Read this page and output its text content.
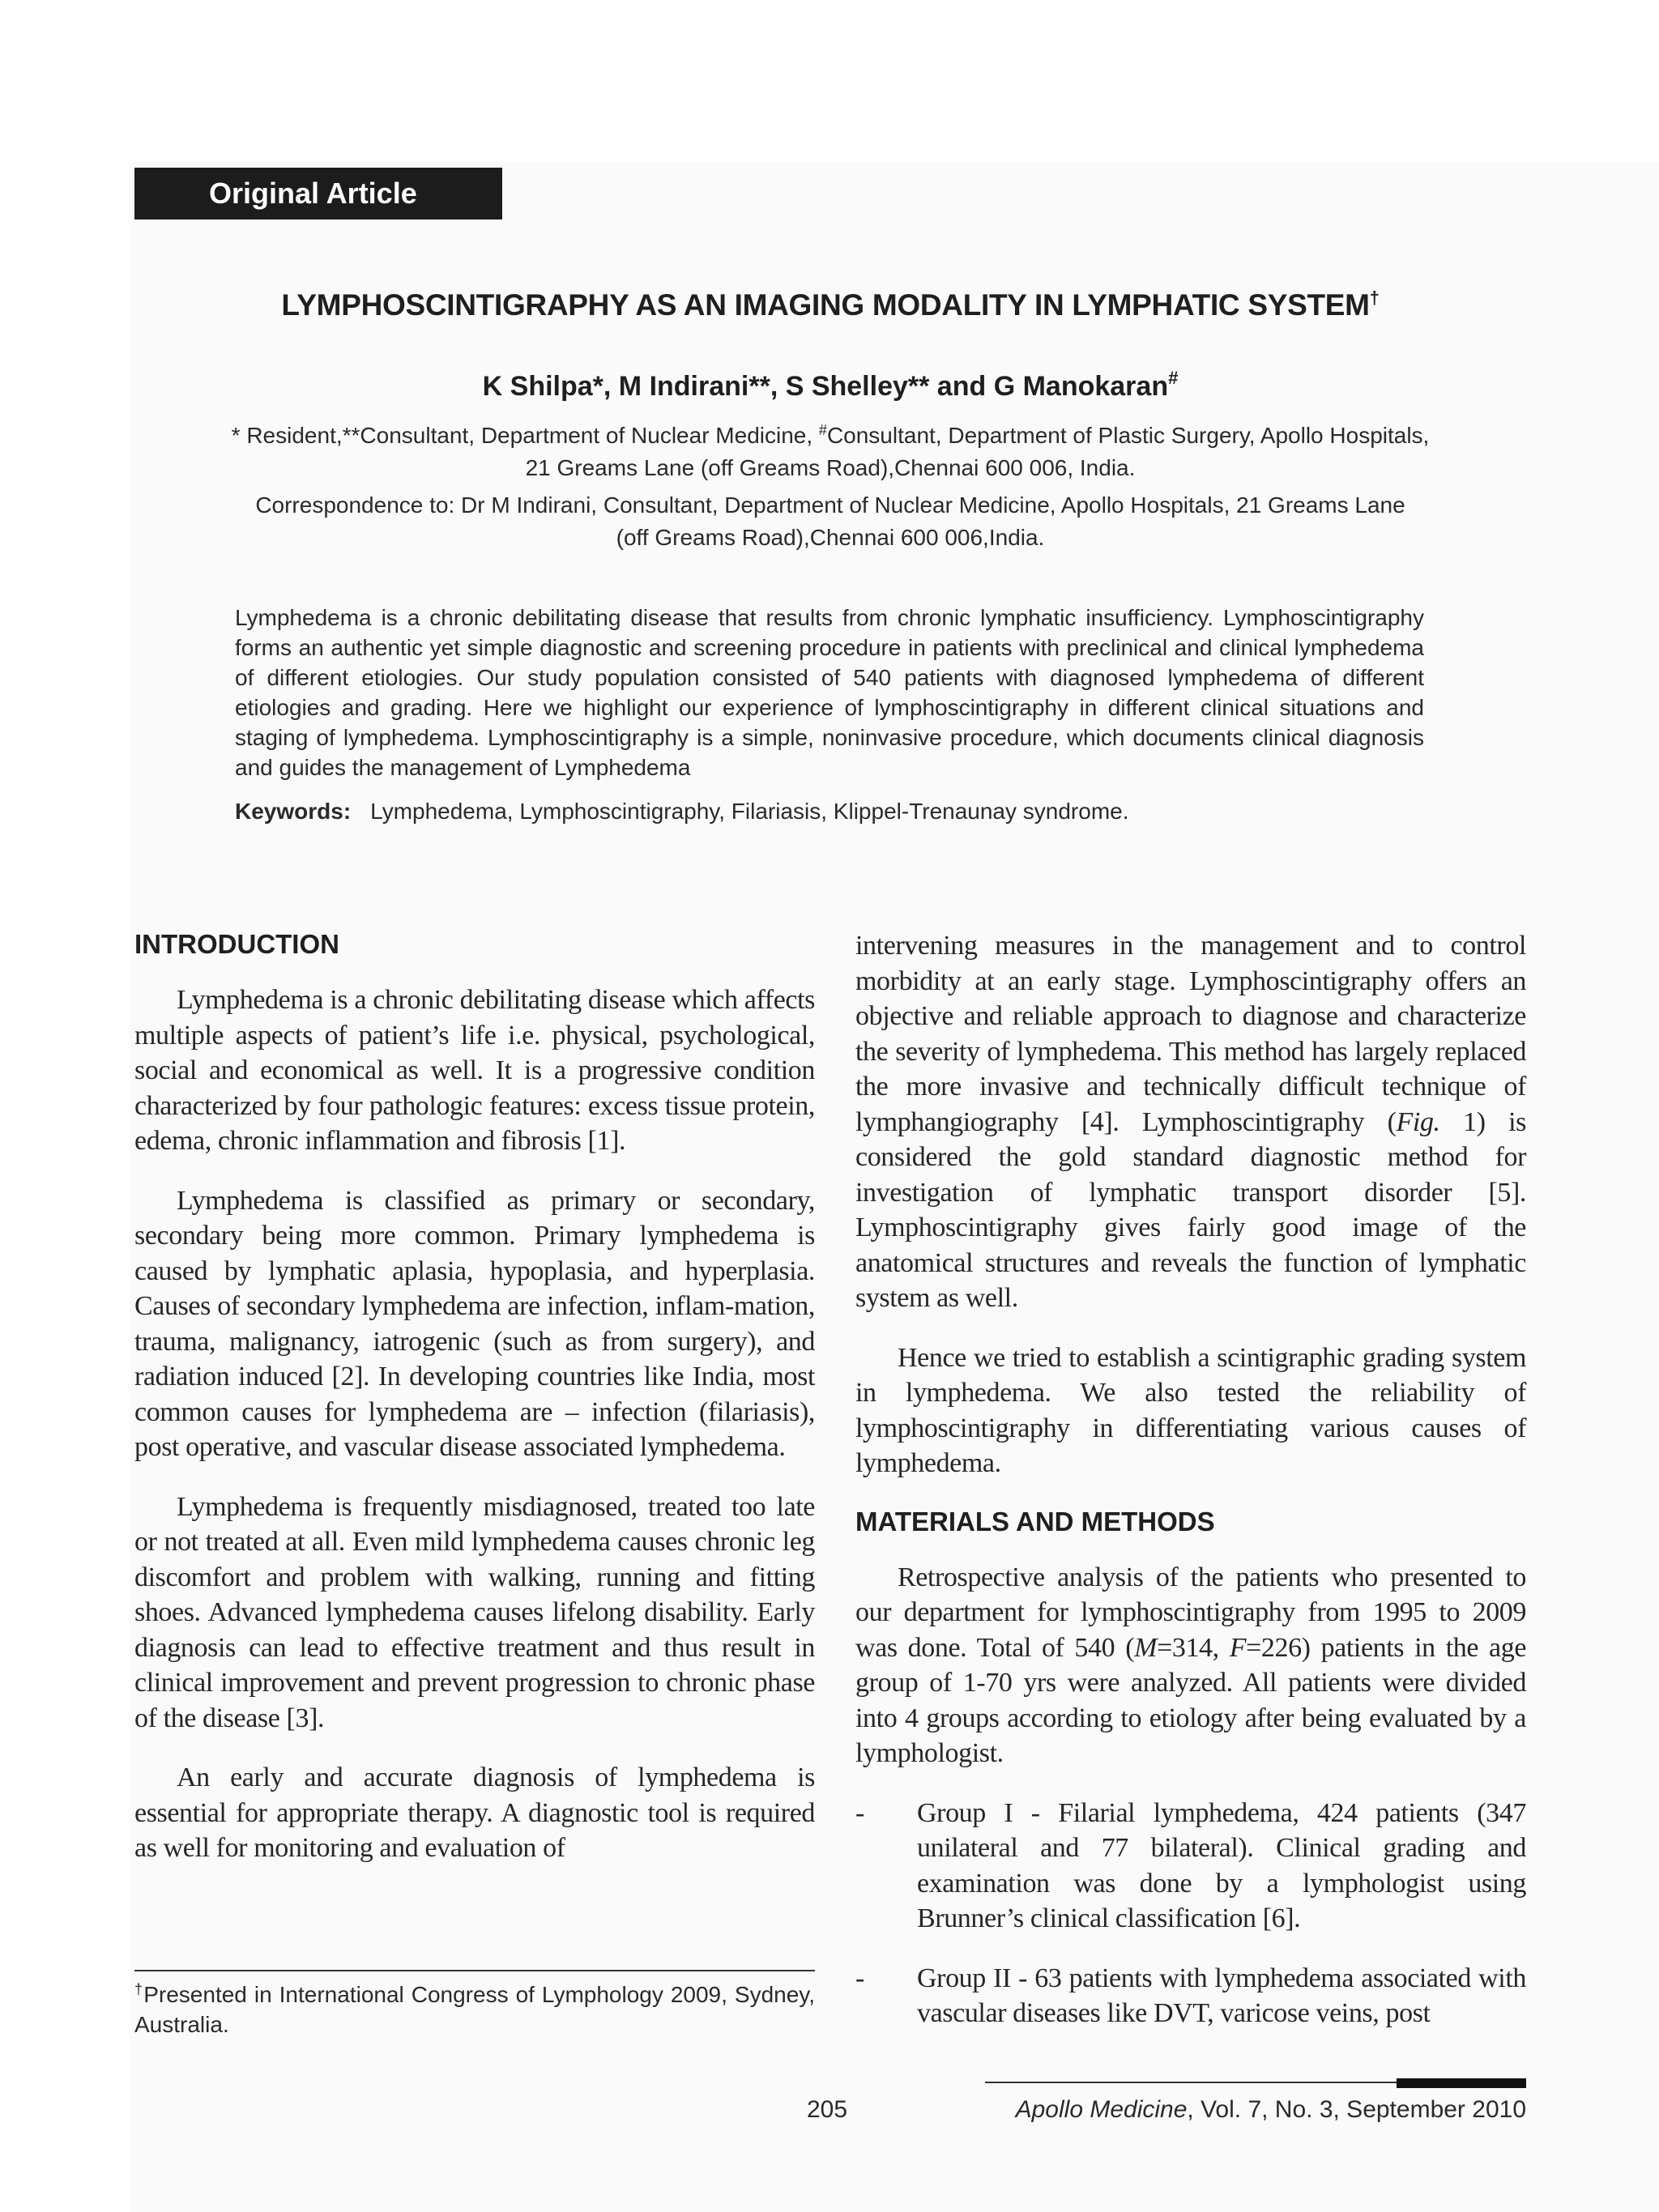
Original Article
LYMPHOSCINTIGRAPHY AS AN IMAGING MODALITY IN LYMPHATIC SYSTEM†
K Shilpa*, M Indirani**, S Shelley** and G Manokaran#
* Resident,**Consultant, Department of Nuclear Medicine, #Consultant, Department of Plastic Surgery, Apollo Hospitals,
21 Greams Lane (off Greams Road),Chennai 600 006, India.
Correspondence to: Dr M Indirani, Consultant, Department of Nuclear Medicine, Apollo Hospitals, 21 Greams Lane
(off Greams Road),Chennai 600 006,India.

Lymphedema is a chronic debilitating disease that results from chronic lymphatic insufficiency. Lymphoscintigraphy forms an authentic yet simple diagnostic and screening procedure in patients with preclinical and clinical lymphedema of different etiologies. Our study population consisted of 540 patients with diagnosed lymphedema of different etiologies and grading. Here we highlight our experience of lymphoscintigraphy in different clinical situations and staging of lymphedema. Lymphoscintigraphy is a simple, noninvasive procedure, which documents clinical diagnosis and guides the management of Lymphedema

Keywords: Lymphedema, Lymphoscintigraphy, Filariasis, Klippel-Trenaunay syndrome.
INTRODUCTION

Lymphedema is a chronic debilitating disease which affects multiple aspects of patient’s life i.e. physical, psychological, social and economical as well. It is a progressive condition characterized by four pathologic features: excess tissue protein, edema, chronic inflammation and fibrosis [1].

Lymphedema is classified as primary or secondary, secondary being more common. Primary lymphedema is caused by lymphatic aplasia, hypoplasia, and hyperplasia. Causes of secondary lymphedema are infection, inflam-mation, trauma, malignancy, iatrogenic (such as from surgery), and radiation induced [2]. In developing countries like India, most common causes for lymphedema are – infection (filariasis), post operative, and vascular disease associated lymphedema.

Lymphedema is frequently misdiagnosed, treated too late or not treated at all. Even mild lymphedema causes chronic leg discomfort and problem with walking, running and fitting shoes. Advanced lymphedema causes lifelong disability. Early diagnosis can lead to effective treatment and thus result in clinical improvement and prevent progression to chronic phase of the disease [3].

An early and accurate diagnosis of lymphedema is essential for appropriate therapy. A diagnostic tool is required as well for monitoring and evaluation of

intervening measures in the management and to control morbidity at an early stage. Lymphoscintigraphy offers an objective and reliable approach to diagnose and characterize the severity of lymphedema. This method has largely replaced the more invasive and technically difficult technique of lymphangiography [4]. Lymphoscintigraphy (Fig. 1) is considered the gold standard diagnostic method for investigation of lymphatic transport disorder [5]. Lymphoscintigraphy gives fairly good image of the anatomical structures and reveals the function of lymphatic system as well.

Hence we tried to establish a scintigraphic grading system in lymphedema. We also tested the reliability of lymphoscintigraphy in differentiating various causes of lymphedema.

MATERIALS AND METHODS

Retrospective analysis of the patients who presented to our department for lymphoscintigraphy from 1995 to 2009 was done. Total of 540 (M=314, F=226) patients in the age group of 1-70 yrs were analyzed. All patients were divided into 4 groups according to etiology after being evaluated by a lymphologist.

- Group I - Filarial lymphedema, 424 patients (347 unilateral and 77 bilateral). Clinical grading and examination was done by a lymphologist using Brunner’s clinical classification [6].
- Group II - 63 patients with lymphedema associated with vascular diseases like DVT, varicose veins, post
†Presented in International Congress of Lymphology 2009, Sydney, Australia.
205	Apollo Medicine, Vol. 7, No. 3, September 2010
